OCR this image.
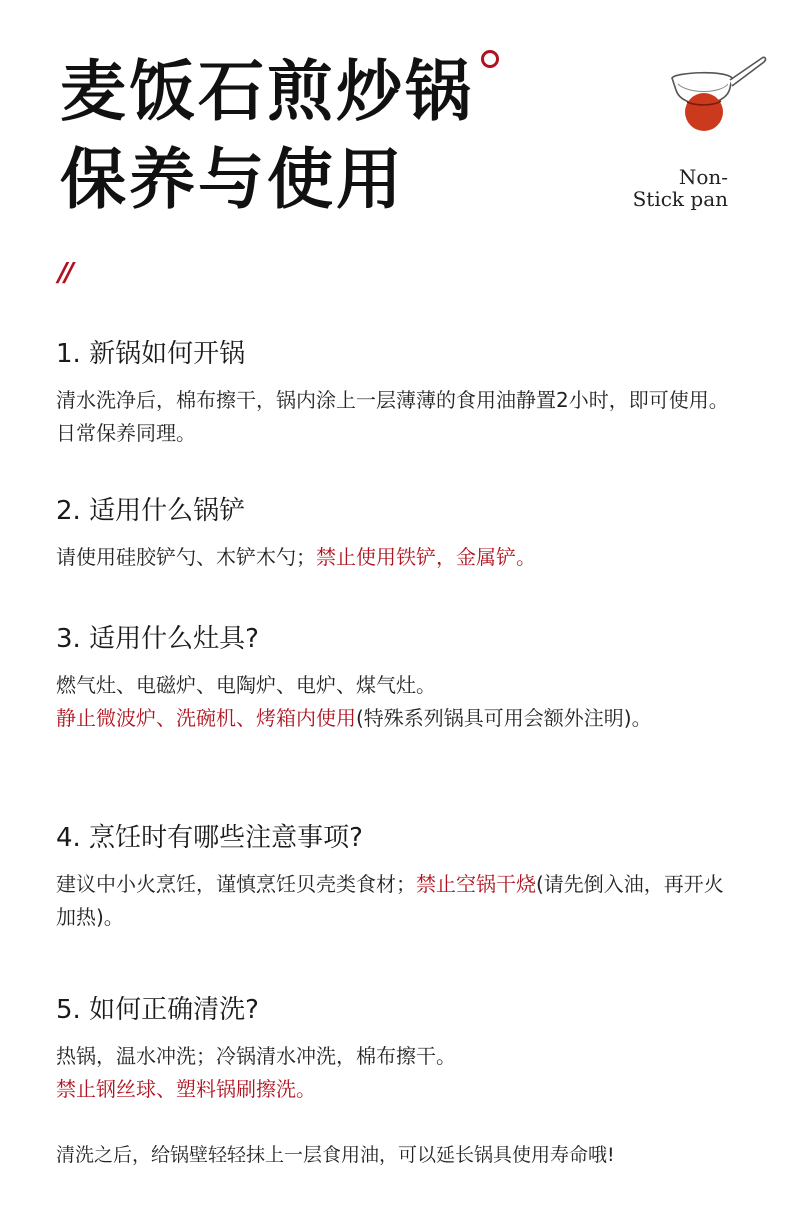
麦饭石煎炒锅
保养与使用	Non-
Stick pan
//
1. 新锅如何开锅

清水洗净后，棉布擦干，锅内涂上一层薄薄的食用油静置2小时，即可使用。日常保养同理。

2. 适用什么锅铲

请使用硅胶铲勺、木铲木勺；禁止使用铁铲，金属铲。

3. 适用什么灶具?

燃气灶、电磁炉、电陶炉、电炉、煤气灶。

静止微波炉、洗碗机、烤箱内使用(特殊系列锅具可用会额外注明)。

4. 烹饪时有哪些注意事项?

建议中小火烹饪，谨慎烹饪贝壳类食材；禁止空锅干烧(请先倒入油，再开火加热)。

5. 如何正确清洗?

热锅，温水冲洗；冷锅清水冲洗，棉布擦干。

禁止钢丝球、塑料锅刷擦洗。

清洗之后，给锅壁轻轻抹上一层食用油，可以延长锅具使用寿命哦!
